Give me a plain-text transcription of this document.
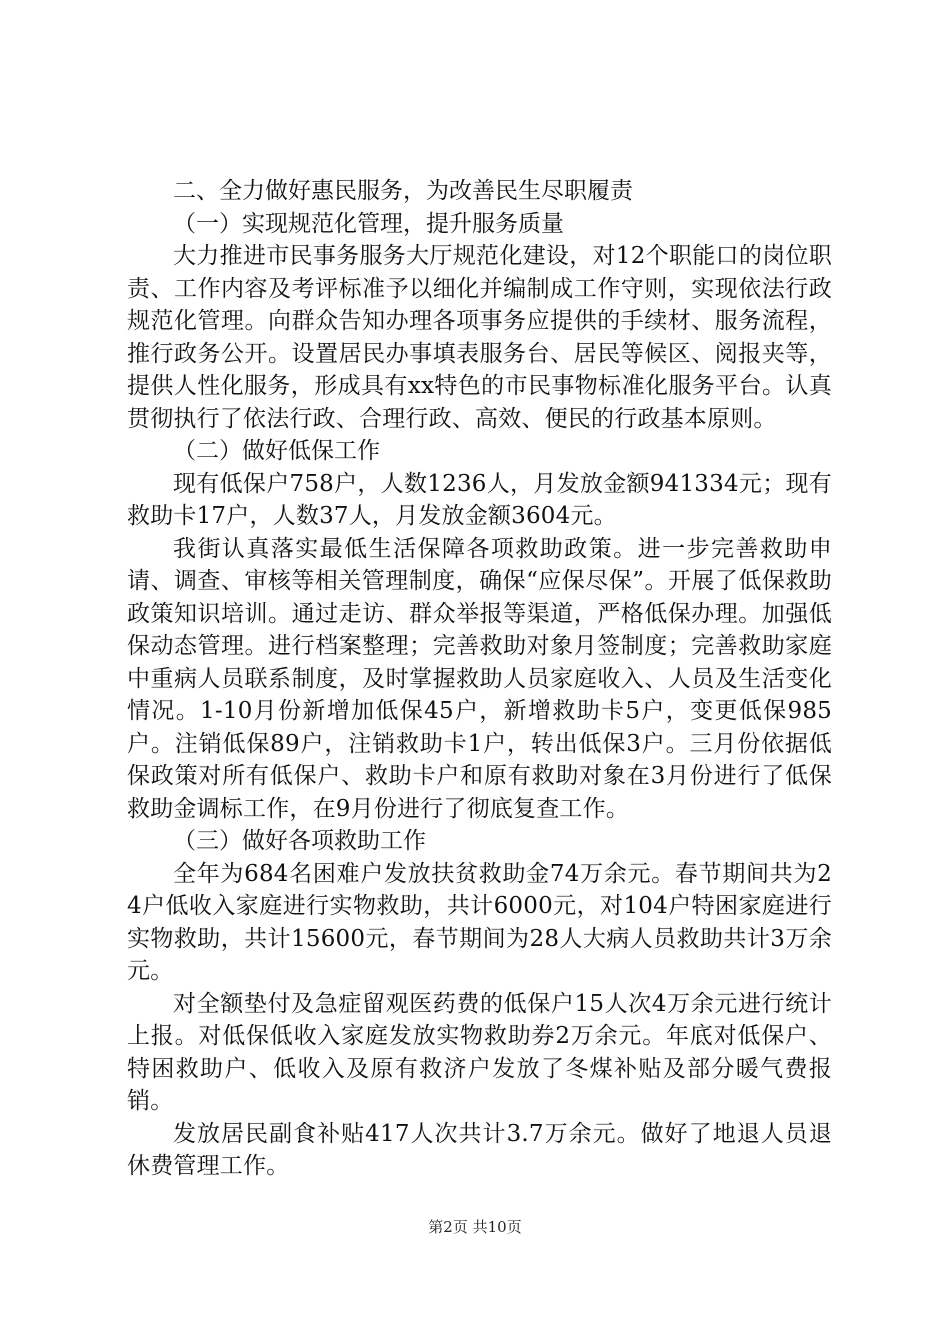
二、全力做好惠民服务，为改善民生尽职履责

（一）实现规范化管理，提升服务质量

大力推进市民事务服务大厅规范化建设，对12个职能口的岗位职责、工作内容及考评标准予以细化并编制成工作守则，实现依法行政规范化管理。向群众告知办理各项事务应提供的手续材、服务流程，推行政务公开。设置居民办事填表服务台、居民等候区、阅报夹等，提供人性化服务，形成具有xx特色的市民事物标准化服务平台。认真贯彻执行了依法行政、合理行政、高效、便民的行政基本原则。

（二）做好低保工作

现有低保户758户，人数1236人，月发放金额941334元；现有救助卡17户，人数37人，月发放金额3604元。

我街认真落实最低生活保障各项救助政策。进一步完善救助申请、调查、审核等相关管理制度，确保“应保尽保”。开展了低保救助政策知识培训。通过走访、群众举报等渠道，严格低保办理。加强低保动态管理。进行档案整理；完善救助对象月签制度；完善救助家庭中重病人员联系制度，及时掌握救助人员家庭收入、人员及生活变化情况。1-10月份新增加低保45户，新增救助卡5户，变更低保985户。注销低保89户，注销救助卡1户，转出低保3户。三月份依据低保政策对所有低保户、救助卡户和原有救助对象在3月份进行了低保救助金调标工作，在9月份进行了彻底复查工作。

（三）做好各项救助工作

全年为684名困难户发放扶贫救助金74万余元。春节期间共为24户低收入家庭进行实物救助，共计6000元，对104户特困家庭进行实物救助，共计15600元，春节期间为28人大病人员救助共计3万余元。

对全额垫付及急症留观医药费的低保户15人次4万余元进行统计上报。对低保低收入家庭发放实物救助券2万余元。年底对低保户、特困救助户、低收入及原有救济户发放了冬煤补贴及部分暖气费报销。

发放居民副食补贴417人次共计3.7万余元。做好了地退人员退休费管理工作。

第2页 共10页
